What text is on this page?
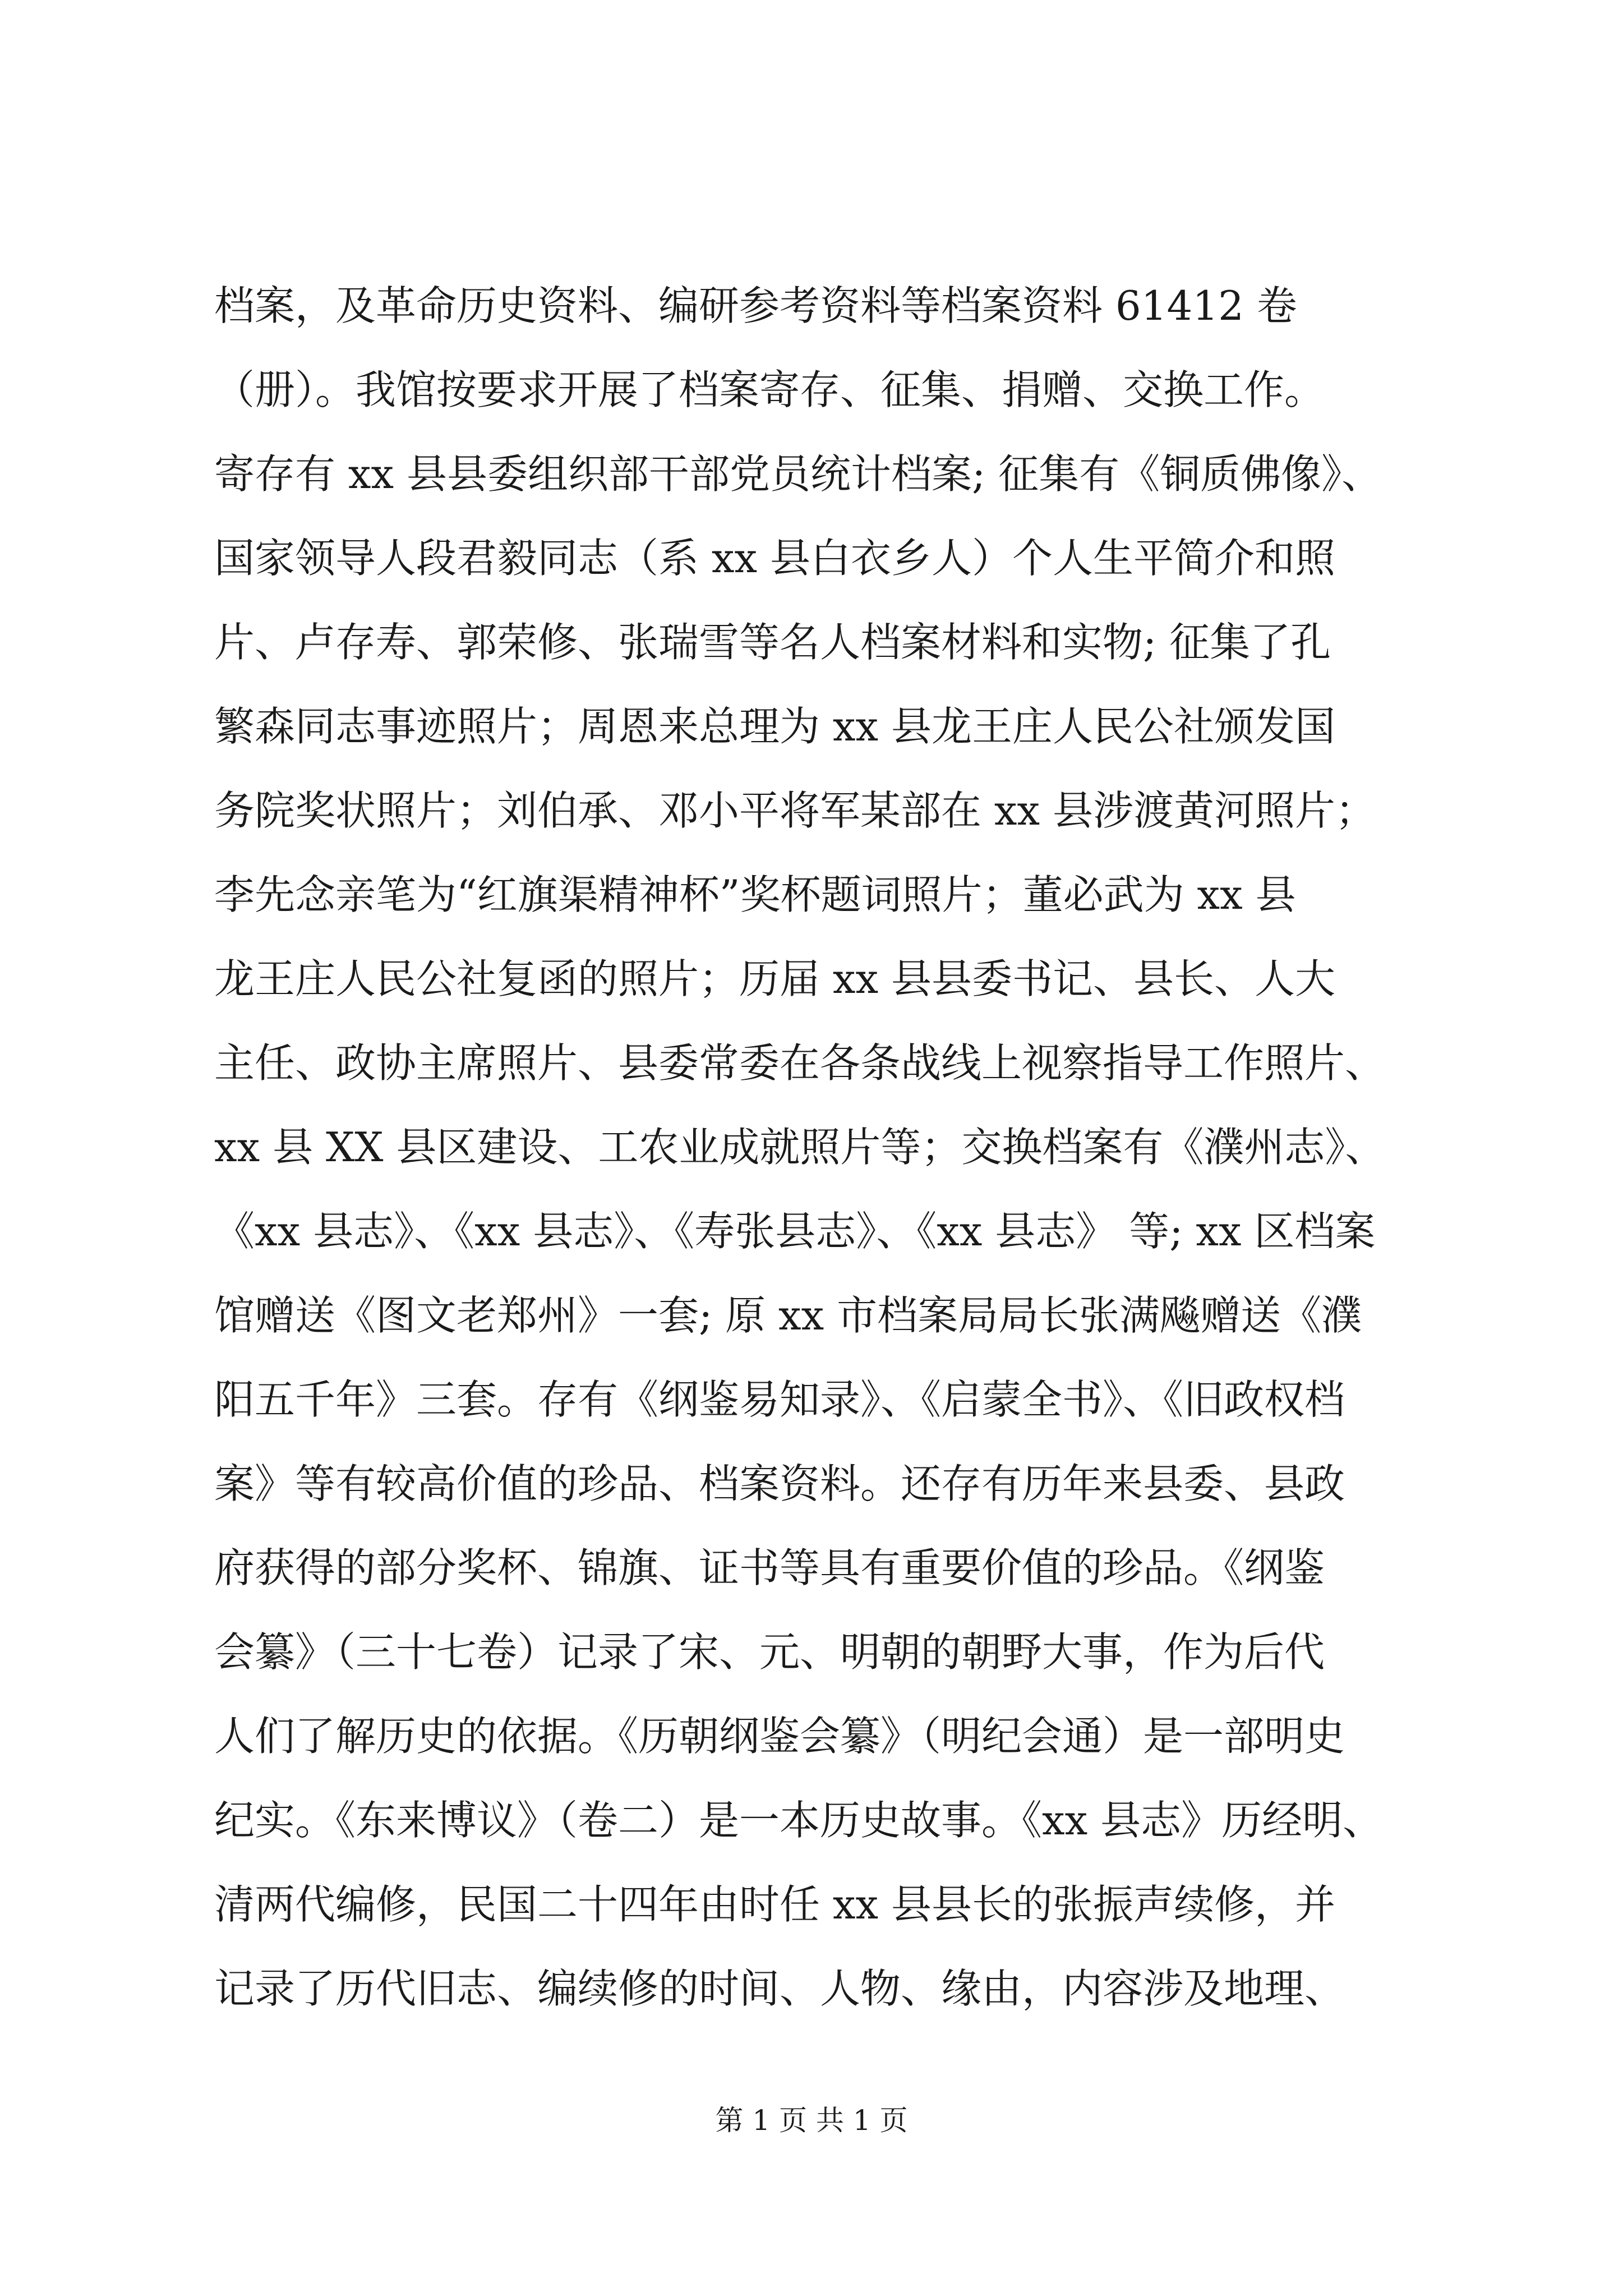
档案，及革命历史资料、编研参考资料等档案资料 61412 卷
（册）。我馆按要求开展了档案寄存、征集、捐赠、交换工作。
寄存有 xx 县县委组织部干部党员统计档案; 征集有《铜质佛像》、
国家领导人段君毅同志（系 xx 县白衣乡人）个人生平简介和照
片、卢存寿、郭荣修、张瑞雪等名人档案材料和实物; 征集了孔
繁森同志事迹照片；周恩来总理为 xx 县龙王庄人民公社颁发国
务院奖状照片；刘伯承、邓小平将军某部在 xx 县涉渡黄河照片；
李先念亲笔为“红旗渠精神杯”奖杯题词照片；董必武为 xx 县
龙王庄人民公社复函的照片；历届 xx 县县委书记、县长、人大
主任、政协主席照片、县委常委在各条战线上视察指导工作照片、
xx 县 XX 县区建设、工农业成就照片等；交换档案有《濮州志》、
《xx 县志》、《xx 县志》、《寿张县志》、《xx 县志》 等; xx 区档案
馆赠送《图文老郑州》一套; 原 xx 市档案局局长张满飚赠送《濮
阳五千年》三套。存有《纲鉴易知录》、《启蒙全书》、《旧政权档
案》等有较高价值的珍品、档案资料。还存有历年来县委、县政
府获得的部分奖杯、锦旗、证书等具有重要价值的珍品。《纲鉴
会纂》（三十七卷）记录了宋、元、明朝的朝野大事，作为后代
人们了解历史的依据。《历朝纲鉴会纂》（明纪会通）是一部明史
纪实。《东来博议》（卷二）是一本历史故事。《xx 县志》历经明、
清两代编修，民国二十四年由时任 xx 县县长的张振声续修，并
记录了历代旧志、编续修的时间、人物、缘由，内容涉及地理、
第 1 页 共 1 页
